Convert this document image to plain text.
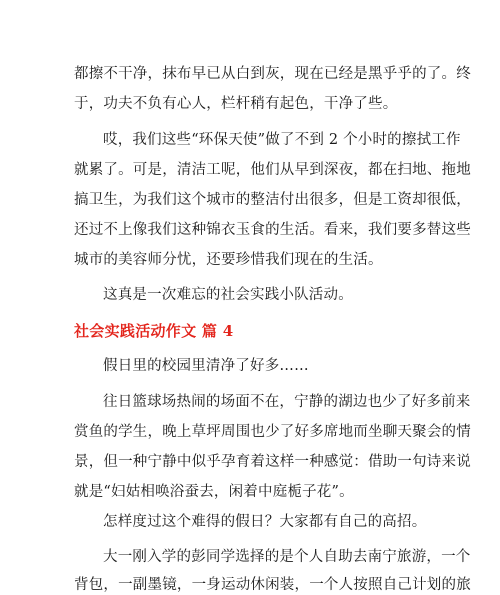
都擦不干净，抹布早已从白到灰，现在已经是黑乎乎的了。终
于，功夫不负有心人，栏杆稍有起色，干净了些。
哎，我们这些“环保天使”做了不到 2 个小时的擦拭工作
就累了。可是，清洁工呢，他们从早到深夜，都在扫地、拖地
搞卫生，为我们这个城市的整洁付出很多，但是工资却很低，
还过不上像我们这种锦衣玉食的生活。看来，我们要多替这些
城市的美容师分忧，还要珍惜我们现在的生活。
这真是一次难忘的社会实践小队活动。
社会实践活动作文 篇 4
假日里的校园里清净了好多……
往日篮球场热闹的场面不在，宁静的湖边也少了好多前来
赏鱼的学生，晚上草坪周围也少了好多席地而坐聊天聚会的情
景，但一种宁静中似乎孕育着这样一种感觉：借助一句诗来说
就是“妇姑相唤浴蚕去，闲着中庭栀子花”。
怎样度过这个难得的假日？大家都有自己的高招。
大一刚入学的彭同学选择的是个人自助去南宁旅游，一个
背包，一副墨镜，一身运动休闲装，一个人按照自己计划的旅
